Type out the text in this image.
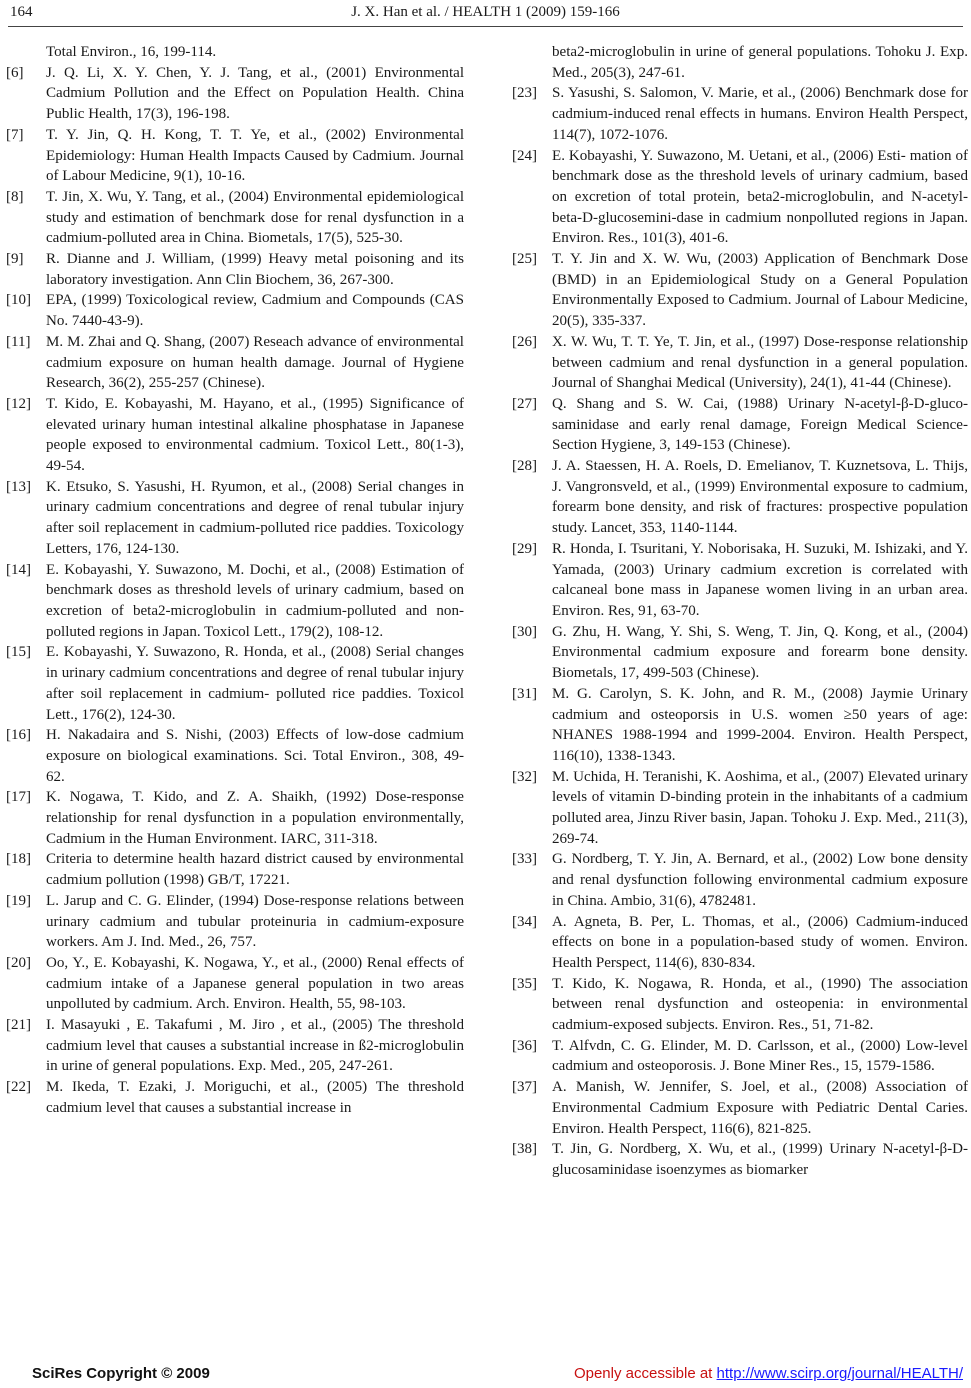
164	J. X. Han et al. / HEALTH 1 (2009) 159-166
Total Environ., 16, 199-114.
[6] J. Q. Li, X. Y. Chen, Y. J. Tang, et al., (2001) Environmental Cadmium Pollution and the Effect on Population Health. China Public Health, 17(3), 196-198.
[7] T. Y. Jin, Q. H. Kong, T. T. Ye, et al., (2002) Environmental Epidemiology: Human Health Impacts Caused by Cadmium. Journal of Labour Medicine, 9(1), 10-16.
[8] T. Jin, X. Wu, Y. Tang, et al., (2004) Environmental epidemiological study and estimation of benchmark dose for renal dysfunction in a cadmium-polluted area in China. Biometals, 17(5), 525-30.
[9] R. Dianne and J. William, (1999) Heavy metal poisoning and its laboratory investigation. Ann Clin Biochem, 36, 267-300.
[10] EPA, (1999) Toxicological review, Cadmium and Compounds (CAS No. 7440-43-9).
[11] M. M. Zhai and Q. Shang, (2007) Reseach advance of environmental cadmium exposure on human health damage. Journal of Hygiene Research, 36(2), 255-257 (Chinese).
[12] T. Kido, E. Kobayashi, M. Hayano, et al., (1995) Significance of elevated urinary human intestinal alkaline phosphatase in Japanese people exposed to environmental cadmium. Toxicol Lett., 80(1-3), 49-54.
[13] K. Etsuko, S. Yasushi, H. Ryumon, et al., (2008) Serial changes in urinary cadmium concentrations and degree of renal tubular injury after soil replacement in cadmium-polluted rice paddies. Toxicology Letters, 176, 124-130.
[14] E. Kobayashi, Y. Suwazono, M. Dochi, et al., (2008) Estimation of benchmark doses as threshold levels of urinary cadmium, based on excretion of beta2-microglobulin in cadmium-polluted and non-polluted regions in Japan. Toxicol Lett., 179(2), 108-12.
[15] E. Kobayashi, Y. Suwazono, R. Honda, et al., (2008) Serial changes in urinary cadmium concentrations and degree of renal tubular injury after soil replacement in cadmium- polluted rice paddies. Toxicol Lett., 176(2), 124-30.
[16] H. Nakadaira and S. Nishi, (2003) Effects of low-dose cadmium exposure on biological examinations. Sci. Total Environ., 308, 49-62.
[17] K. Nogawa, T. Kido, and Z. A. Shaikh, (1992) Dose-response relationship for renal dysfunction in a population environmentally, Cadmium in the Human Environment. IARC, 311-318.
[18] Criteria to determine health hazard district caused by environmental cadmium pollution (1998) GB/T, 17221.
[19] L. Jarup and C. G. Elinder, (1994) Dose-response relations between urinary cadmium and tubular proteinuria in cadmium-exposure workers. Am J. Ind. Med., 26, 757.
[20] Oo, Y., E. Kobayashi, K. Nogawa, Y., et al., (2000) Renal effects of cadmium intake of a Japanese general population in two areas unpolluted by cadmium. Arch. Environ. Health, 55, 98-103.
[21] I. Masayuki , E. Takafumi , M. Jiro , et al., (2005) The threshold cadmium level that causes a substantial increase in ß2-microglobulin in urine of general populations. Exp. Med., 205, 247-261.
[22] M. Ikeda, T. Ezaki, J. Moriguchi, et al., (2005) The threshold cadmium level that causes a substantial increase in
beta2-microglobulin in urine of general populations. Tohoku J. Exp. Med., 205(3), 247-61.
[23] S. Yasushi, S. Salomon, V. Marie, et al., (2006) Benchmark dose for cadmium-induced renal effects in humans. Environ Health Perspect, 114(7), 1072-1076.
[24] E. Kobayashi, Y. Suwazono, M. Uetani, et al., (2006) Esti- mation of benchmark dose as the threshold levels of urinary cadmium, based on excretion of total protein, beta2-microglobulin, and N-acetyl-beta-D-glucosemini-dase in cadmium nonpolluted regions in Japan. Environ. Res., 101(3), 401-6.
[25] T. Y. Jin and X. W. Wu, (2003) Application of Benchmark Dose (BMD) in an Epidemiological Study on a General Population Environmentally Exposed to Cadmium. Journal of Labour Medicine, 20(5), 335-337.
[26] X. W. Wu, T. T. Ye, T. Jin, et al., (1997) Dose-response relationship between cadmium and renal dysfunction in a general population. Journal of Shanghai Medical (University), 24(1), 41-44 (Chinese).
[27] Q. Shang and S. W. Cai, (1988) Urinary N-acetyl-β-D-gluco-saminidase and early renal damage, Foreign Medical Science-Section Hygiene, 3, 149-153 (Chinese).
[28] J. A. Staessen, H. A. Roels, D. Emelianov, T. Kuznetsova, L. Thijs, J. Vangronsveld, et al., (1999) Environmental exposure to cadmium, forearm bone density, and risk of fractures: prospective population study. Lancet, 353, 1140-1144.
[29] R. Honda, I. Tsuritani, Y. Noborisaka, H. Suzuki, M. Ishizaki, and Y. Yamada, (2003) Urinary cadmium excretion is correlated with calcaneal bone mass in Japanese women living in an urban area. Environ. Res, 91, 63-70.
[30] G. Zhu, H. Wang, Y. Shi, S. Weng, T. Jin, Q. Kong, et al., (2004) Environmental cadmium exposure and forearm bone density. Biometals, 17, 499-503 (Chinese).
[31] M. G. Carolyn, S. K. John, and R. M., (2008) Jaymie Urinary cadmium and osteoporsis in U.S. women ≥50 years of age: NHANES 1988-1994 and 1999-2004. Environ. Health Perspect, 116(10), 1338-1343.
[32] M. Uchida, H. Teranishi, K. Aoshima, et al., (2007) Elevated urinary levels of vitamin D-binding protein in the inhabitants of a cadmium polluted area, Jinzu River basin, Japan. Tohoku J. Exp. Med., 211(3), 269-74.
[33] G. Nordberg, T. Y. Jin, A. Bernard, et al., (2002) Low bone density and renal dysfunction following environmental cadmium exposure in China. Ambio, 31(6), 4782481.
[34] A. Agneta, B. Per, L. Thomas, et al., (2006) Cadmium-induced effects on bone in a population-based study of women. Environ. Health Perspect, 114(6), 830-834.
[35] T. Kido, K. Nogawa, R. Honda, et al., (1990) The association between renal dysfunction and osteopenia: in environmental cadmium-exposed subjects. Environ. Res., 51, 71-82.
[36] T. Alfvdn, C. G. Elinder, M. D. Carlsson, et al., (2000) Low-level cadmium and osteoporosis. J. Bone Miner Res., 15, 1579-1586.
[37] A. Manish, W. Jennifer, S. Joel, et al., (2008) Association of Environmental Cadmium Exposure with Pediatric Dental Caries. Environ. Health Perspect, 116(6), 821-825.
[38] T. Jin, G. Nordberg, X. Wu, et al., (1999) Urinary N-acetyl-β-D-glucosaminidase isoenzymes as biomarker
SciRes Copyright © 2009	Openly accessible at http://www.scirp.org/journal/HEALTH/
